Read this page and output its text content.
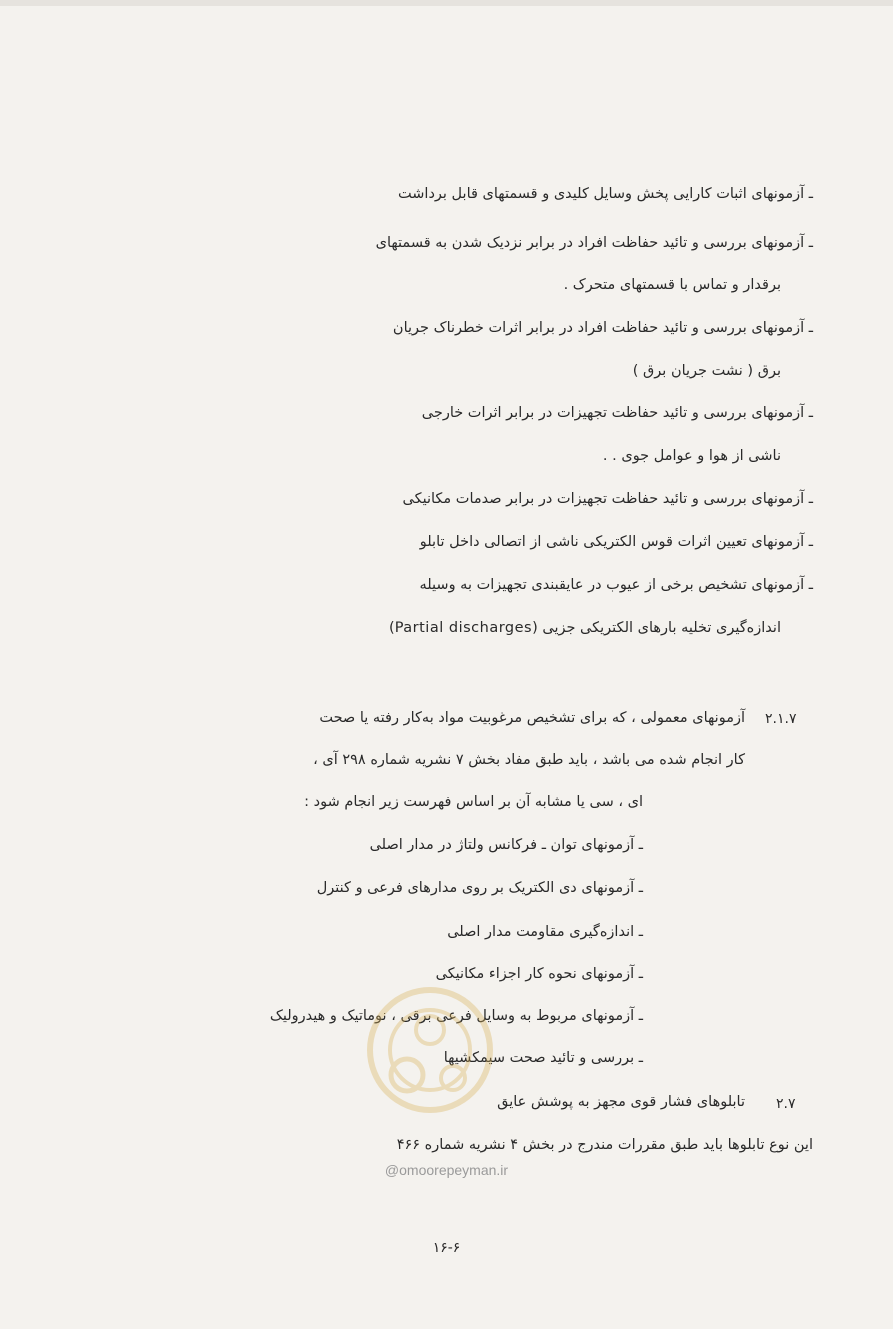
ـ آزمونهای اثبات کارایی پخش وسایل کلیدی و قسمتهای قابل برداشت
ـ آزمونهای بررسی و تائید حفاظت افراد در برابر نزدیک شدن به قسمتهای
برقدار و تماس با قسمتهای متحرک .
ـ آزمونهای بررسی و تائید حفاظت افراد در برابر اثرات خطرناک جریان
برق ( نشت جریان برق )
ـ آزمونهای بررسی و تائید حفاظت تجهیزات در برابر اثرات خارجی
ناشی از هوا و عوامل جوی . .
ـ آزمونهای بررسی و تائید حفاظت تجهیزات در برابر صدمات مکانیکی
ـ آزمونهای تعیین اثرات قوس الکتریکی ناشی از اتصالی داخل تابلو
ـ آزمونهای تشخیص برخی از عیوب در عایقبندی تجهیزات به وسیله
اندازه‌گیری تخلیه بارهای الکتریکی جزیی (Partial discharges)
۲.۱.۷
آزمونهای معمولی ، که برای تشخیص مرغوبیت مواد به‌کار رفته یا صحت
کار انجام شده می باشد ، باید طبق مفاد بخش ۷ نشریه شماره ۲۹۸ آی ،
ای ، سی یا مشابه آن بر اساس فهرست زیر انجام شود :
ـ آزمونهای توان ـ فرکانس ولتاژ در مدار اصلی
ـ آزمونهای دی الکتریک بر روی مدارهای فرعی و کنترل
ـ اندازه‌گیری مقاومت مدار اصلی
ـ آزمونهای نحوه کار اجزاء مکانیکی
ـ آزمونهای مربوط به وسایل فرعی برقی ، نوماتیک و هیدرولیک
ـ بررسی و تائید صحت سیمکشیها
۲.۷
تابلوهای فشار قوی مجهز به پوشش عایق
این نوع تابلوها باید طبق مقررات مندرج در بخش ۴ نشریه شماره ۴۶۶
@omoorepeyman.ir
۱۶-۶
